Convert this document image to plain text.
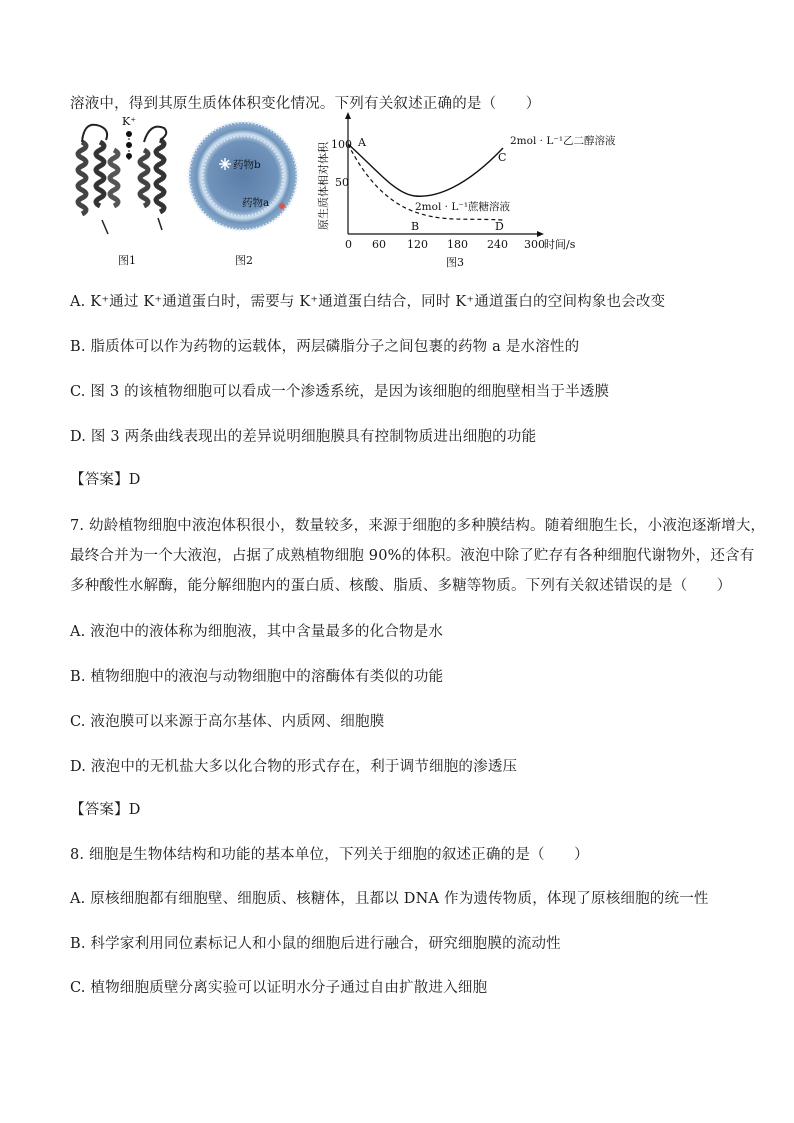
溶液中，得到其原生质体体积变化情况。下列有关叙述正确的是（　　）
K⁺
图1
药物b
药物a
图2
原生质体相对体积 100
50
0 60 120 180 240 300 时间/s
A
B
C
D
2mol · L⁻¹乙二醇溶液
2mol · L⁻¹蔗糖溶液
图3
A. K⁺通过 K⁺通道蛋白时，需要与 K⁺通道蛋白结合，同时 K⁺通道蛋白的空间构象也会改变
B. 脂质体可以作为药物的运载体，两层磷脂分子之间包裹的药物 a 是水溶性的
C. 图 3 的该植物细胞可以看成一个渗透系统，是因为该细胞的细胞壁相当于半透膜
D. 图 3 两条曲线表现出的差异说明细胞膜具有控制物质进出细胞的功能
【答案】D
7. 幼龄植物细胞中液泡体积很小，数量较多，来源于细胞的多种膜结构。随着细胞生长，小液泡逐渐增大，
最终合并为一个大液泡，占据了成熟植物细胞 90%的体积。液泡中除了贮存有各种细胞代谢物外，还含有
多种酸性水解酶，能分解细胞内的蛋白质、核酸、脂质、多糖等物质。下列有关叙述错误的是（　　）
A. 液泡中的液体称为细胞液，其中含量最多的化合物是水
B. 植物细胞中的液泡与动物细胞中的溶酶体有类似的功能
C. 液泡膜可以来源于高尔基体、内质网、细胞膜
D. 液泡中的无机盐大多以化合物的形式存在，利于调节细胞的渗透压
【答案】D
8. 细胞是生物体结构和功能的基本单位，下列关于细胞的叙述正确的是（　　）
A. 原核细胞都有细胞壁、细胞质、核糖体，且都以 DNA 作为遗传物质，体现了原核细胞的统一性
B. 科学家利用同位素标记人和小鼠的细胞后进行融合，研究细胞膜的流动性
C. 植物细胞质壁分离实验可以证明水分子通过自由扩散进入细胞
